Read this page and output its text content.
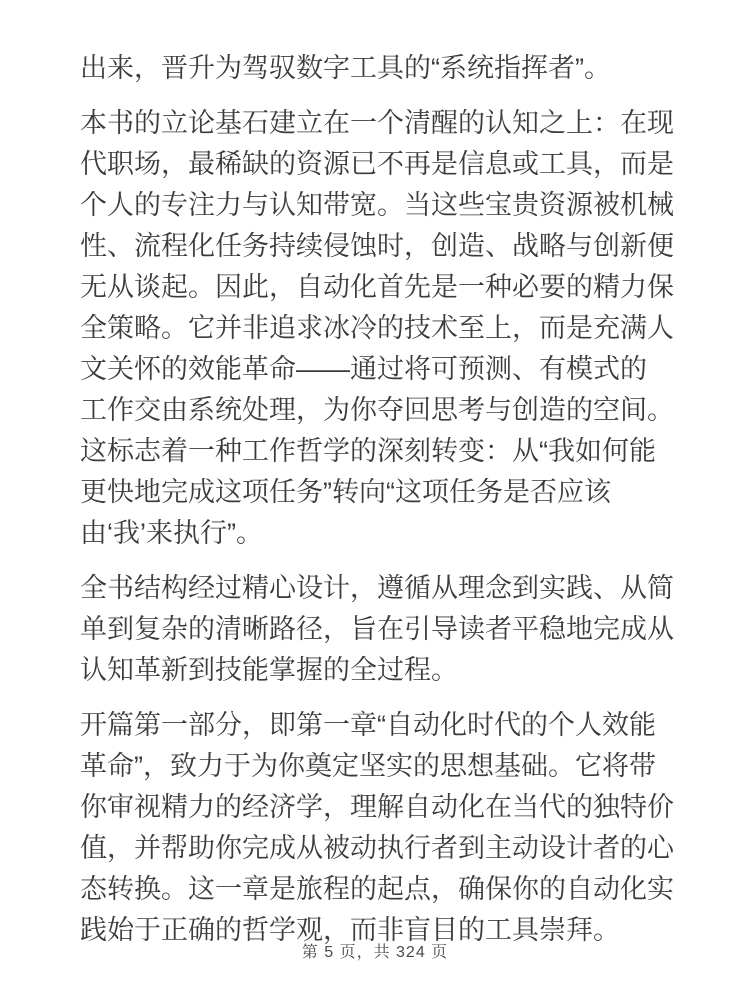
出来，晋升为驾驭数字工具的“系统指挥者”。

本书的立论基石建立在一个清醒的认知之上：在现
代职场，最稀缺的资源已不再是信息或工具，而是
个人的专注力与认知带宽。当这些宝贵资源被机械
性、流程化任务持续侵蚀时，创造、战略与创新便
无从谈起。因此，自动化首先是一种必要的精力保
全策略。它并非追求冰冷的技术至上，而是充满人
文关怀的效能革命——通过将可预测、有模式的
工作交由系统处理，为你夺回思考与创造的空间。
这标志着一种工作哲学的深刻转变：从“我如何能
更快地完成这项任务”转向“这项任务是否应该
由‘我’来执行”。

全书结构经过精心设计，遵循从理念到实践、从简
单到复杂的清晰路径，旨在引导读者平稳地完成从
认知革新到技能掌握的全过程。

开篇第一部分，即第一章“自动化时代的个人效能
革命”，致力于为你奠定坚实的思想基础。它将带
你审视精力的经济学，理解自动化在当代的独特价
值，并帮助你完成从被动执行者到主动设计者的心
态转换。这一章是旅程的起点，确保你的自动化实
践始于正确的哲学观，而非盲目的工具崇拜。

第 5 页，共 324 页
